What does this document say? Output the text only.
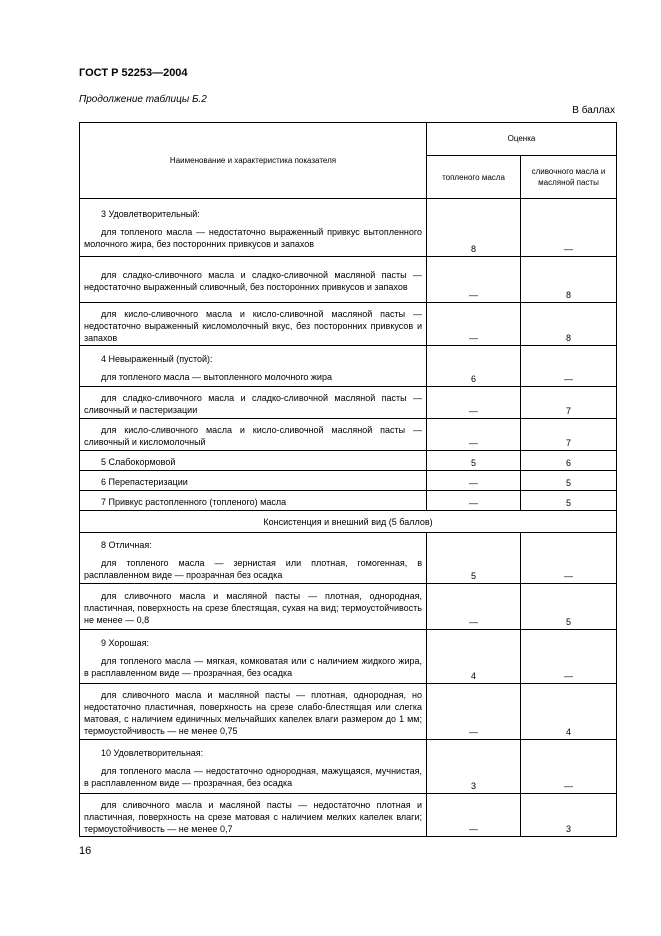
ГОСТ Р 52253—2004
Продолжение таблицы Б.2
В баллах
Наименование и характеристика показателя	Оценка	
	топленого масла	сливочного масла и масляной пасты

3 Удовлетворительный:
для топленого масла — недостаточно выраженный привкус вытопленного молочного жира, без посторонних привкусов и запахов	8	—

для сладко-сливочного масла и сладко-сливочной масляной пасты — недостаточно выраженный сливочный, без посторонних привкусов и запахов	—	8

для кисло-сливочного масла и кисло-сливочной масляной пасты — недостаточно выраженный кисломолочный вкус, без посторонних привкусов и запахов	—	8

4 Невыраженный (пустой):
для топленого масла — вытопленного молочного жира	6	—

для сладко-сливочного масла и сладко-сливочной масляной пасты — сливочный и пастеризации	—	7

для кисло-сливочного масла и кисло-сливочной масляной пасты — сливочный и кисломолочный	—	7

5 Слабокормовой	5	6

6 Перепастеризации	—	5

7 Привкус растопленного (топленого) масла	—	5
Консистенция и внешний вид (5 баллов)		

8 Отличная:
для топленого масла — зернистая или плотная, гомогенная, в расплавленном виде — прозрачная без осадка	5	—

для сливочного масла и масляной пасты — плотная, однородная, пластичная, поверхность на срезе блестящая, сухая на вид; термоустойчивость не менее — 0,8	—	5

9 Хорошая:
для топленого масла — мягкая, комковатая или с наличием жидкого жира, в расплавленном виде — прозрачная, без осадка	4	—

для сливочного масла и масляной пасты — плотная, однородная, но недостаточно пластичная, поверхность на срезе слабо-блестящая или слегка матовая, с наличием единичных мельчайших капелек влаги размером до 1 мм; термоустойчивость — не менее 0,75	—	4

10 Удовлетворительная:
для топленого масла — недостаточно однородная, мажущаяся, мучнистая, в расплавленном виде — прозрачная, без осадка	3	—

для сливочного масла и масляной пасты — недостаточно плотная и пластичная, поверхность на срезе матовая с наличием мелких капелек влаги; термоустойчивость — не менее 0,7	—	3
16
